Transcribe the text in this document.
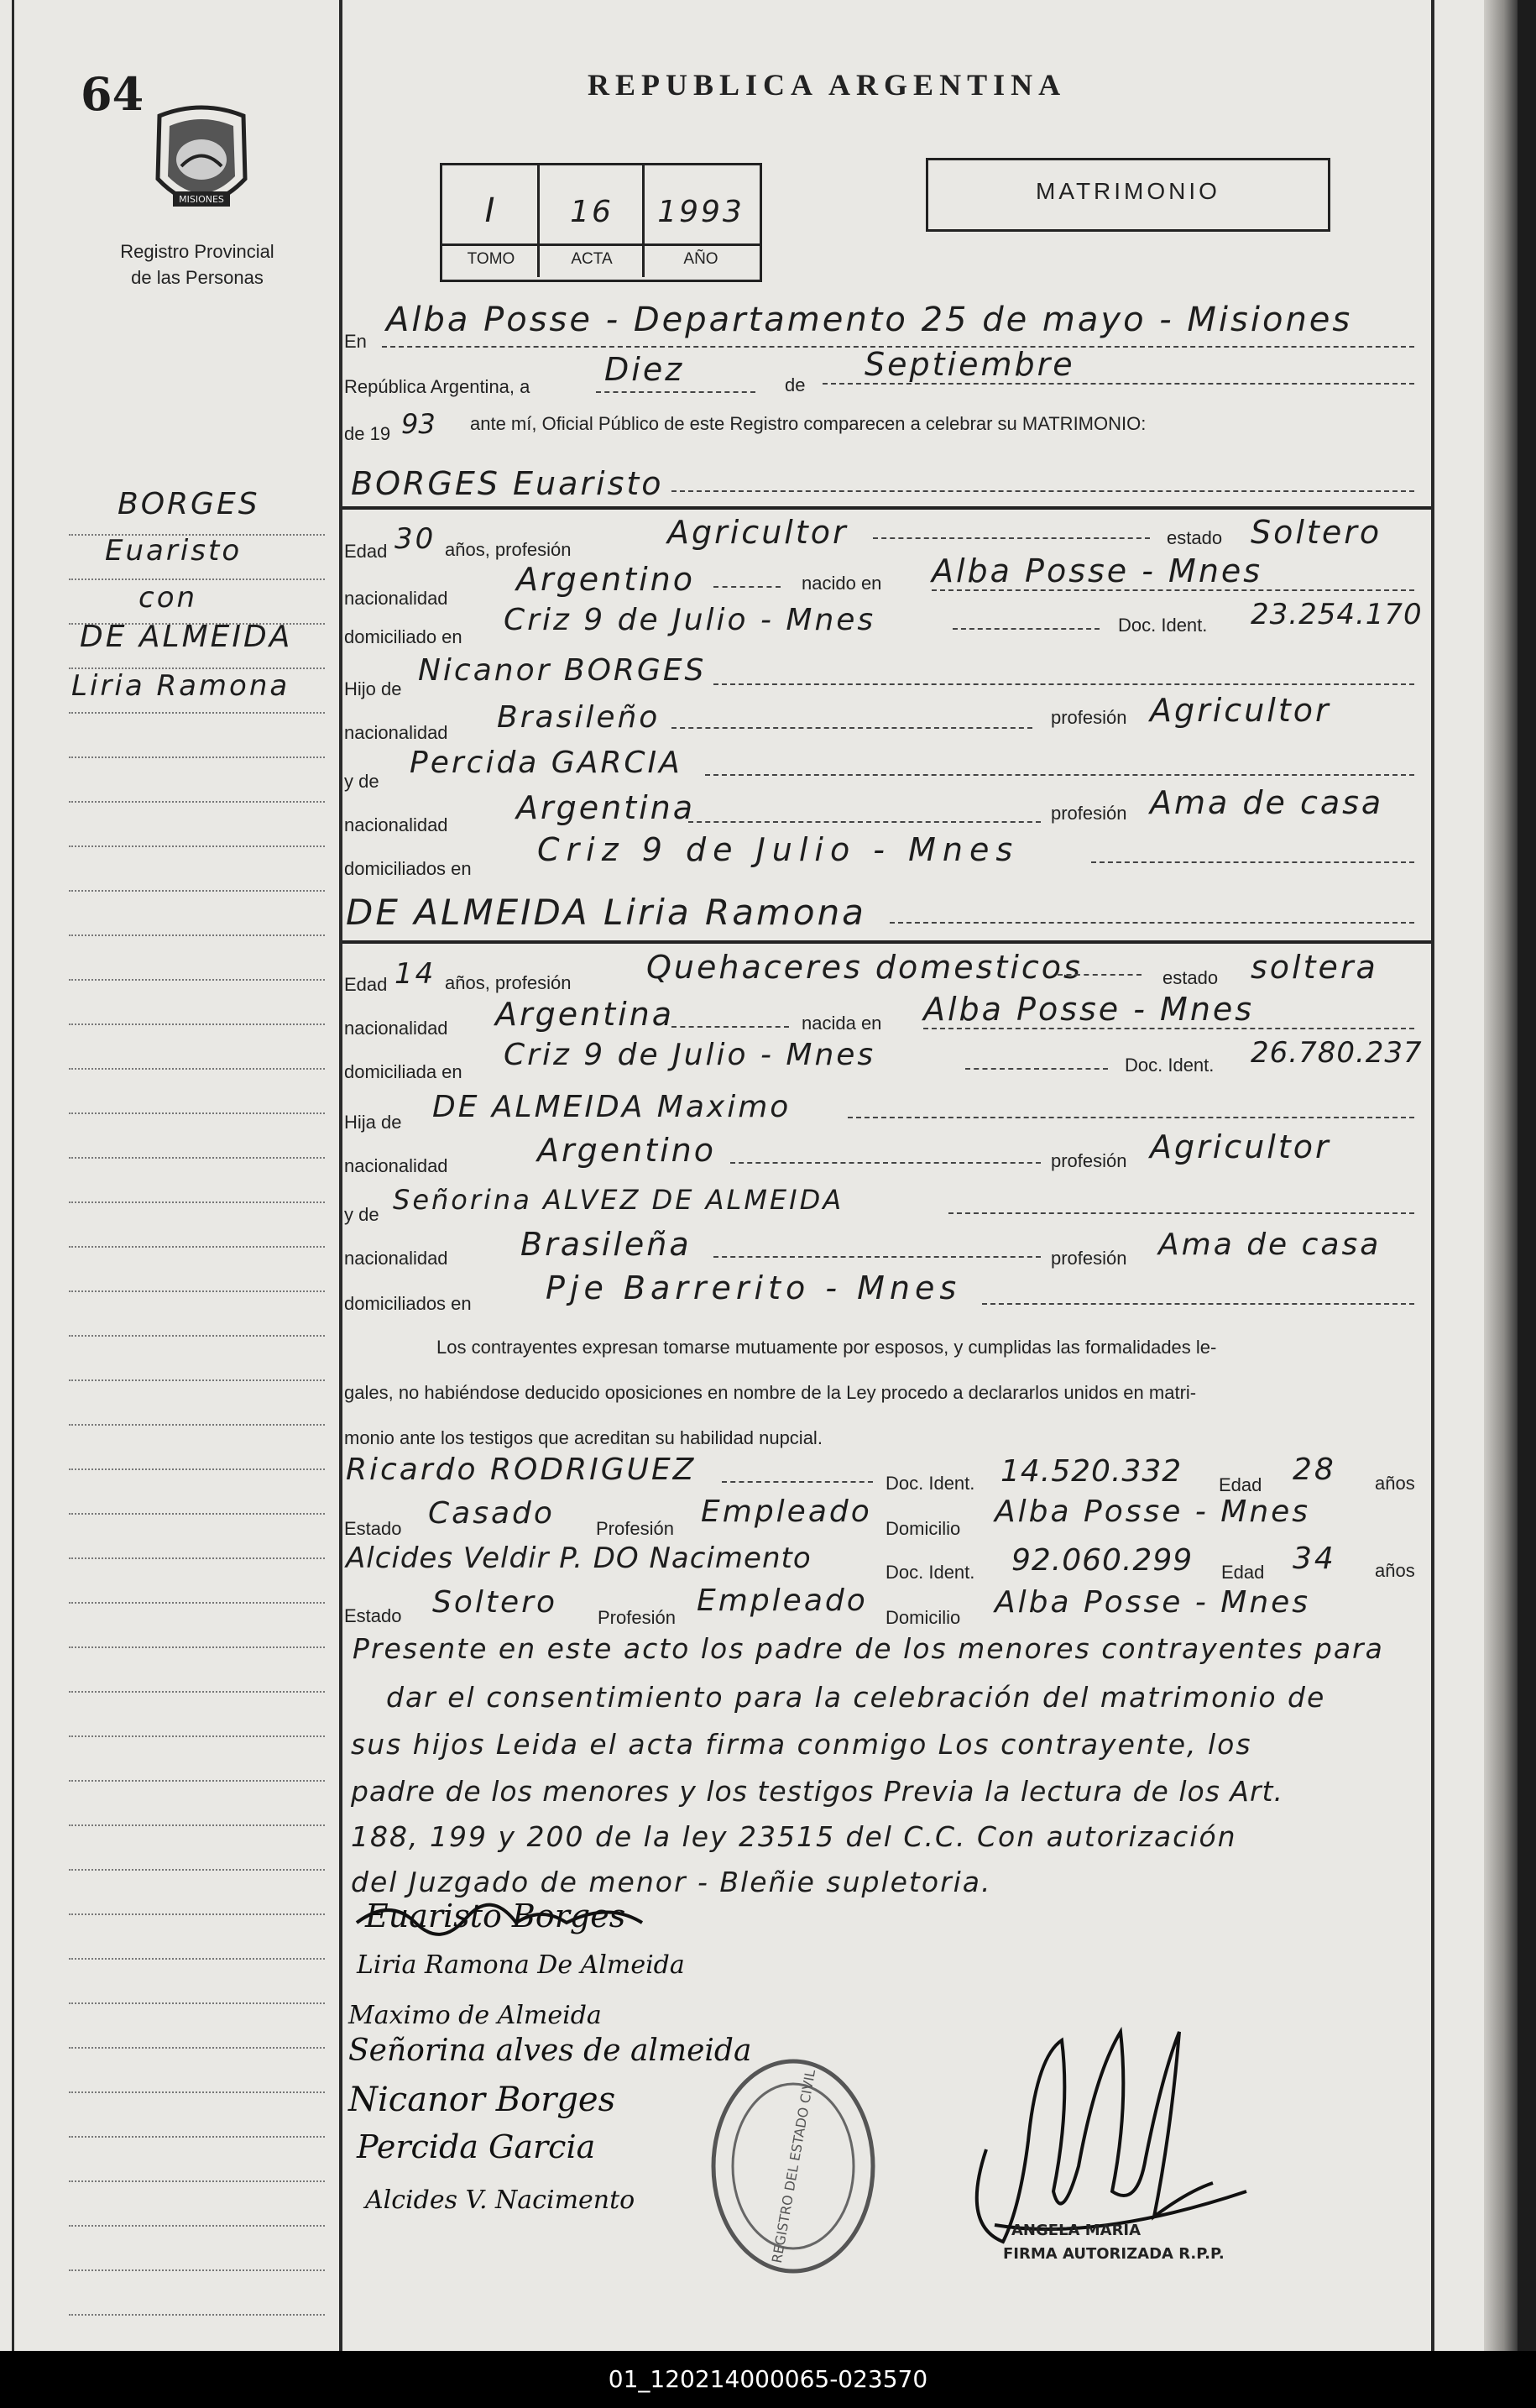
64
MISIONES
Registro Provincial
de las Personas
REPUBLICA ARGENTINA
MATRIMONIO
I	16	1993
TOMO	ACTA	AÑO
BORGES
Euaristo
con
DE ALMEIDA
Liria Ramona
En
Alba Posse - Departamento 25 de mayo - Misiones
República Argentina, a Diez	de
Septiembre
de 19 93 ante mí, Oficial Público de este Registro comparecen a celebrar su MATRIMONIO:
BORGES Euaristo
Edad 30 años, profesión	Agricultor	estado Soltero
nacionalidad
Argentino	nacido en Alba Posse - Mnes
domiciliado en Criz 9 de Julio - Mnes	Doc. Ident. 23.254.170
Hijo de
Nicanor BORGES
nacionalidad Brasileño	profesión Agricultor
y de
Percida GARCIA
nacionalidad Argentina	profesión Ama de casa
domiciliados en
Criz 9 de Julio - Mnes
DE ALMEIDA Liria Ramona
Edad 14 años, profesión Quehaceres domesticos	estado soltera
nacionalidad Argentina	nacida en Alba Posse - Mnes
domiciliada en Criz 9 de Julio - Mnes	Doc. Ident. 26.780.237
Hija de DE ALMEIDA Maximo
nacionalidad	Argentino	profesión Agricultor
y de Señorina ALVEZ DE ALMEIDA
nacionalidad Brasileña	profesión Ama de casa
domiciliados en Pje Barrerito - Mnes
Los contrayentes expresan tomarse mutuamente por esposos, y cumplidas las formalidades le-
gales, no habiéndose deducido oposiciones en nombre de la Ley procedo a declararlos unidos en matri-
monio ante los testigos que acreditan su habilidad nupcial.
Ricardo RODRIGUEZ	Doc. Ident. 14.520.332 Edad 28 años
Estado Casado Profesión Empleado Domicilio Alba Posse - Mnes
Alcides Veldir P. DO Nacimento	Doc. Ident. 92.060.299 Edad 34 años
Estado Soltero Profesión Empleado Domicilio Alba Posse - Mnes
Presente en este acto los padre de los menores contrayentes para
dar el consentimiento para la celebración del matrimonio de
sus hijos Leida el acta firma conmigo Los contrayente, los
padre de los menores y los testigos Previa la lectura de los Art.
188, 199 y 200 de la ley 23515 del C.C. Con autorización
del Juzgado de menor - Bleñie supletoria.
Euaristo Borges
Liria Ramona De Almeida
Maximo de Almeida
Señorina alves de almeida
Nicanor Borges
Percida Garcia
Alcides V. Nacimento	REGISTRO DEL ESTADO CIVIL	ANGELA MARIA
FIRMA AUTORIZADA R.P.P.
01_120214000065-023570
